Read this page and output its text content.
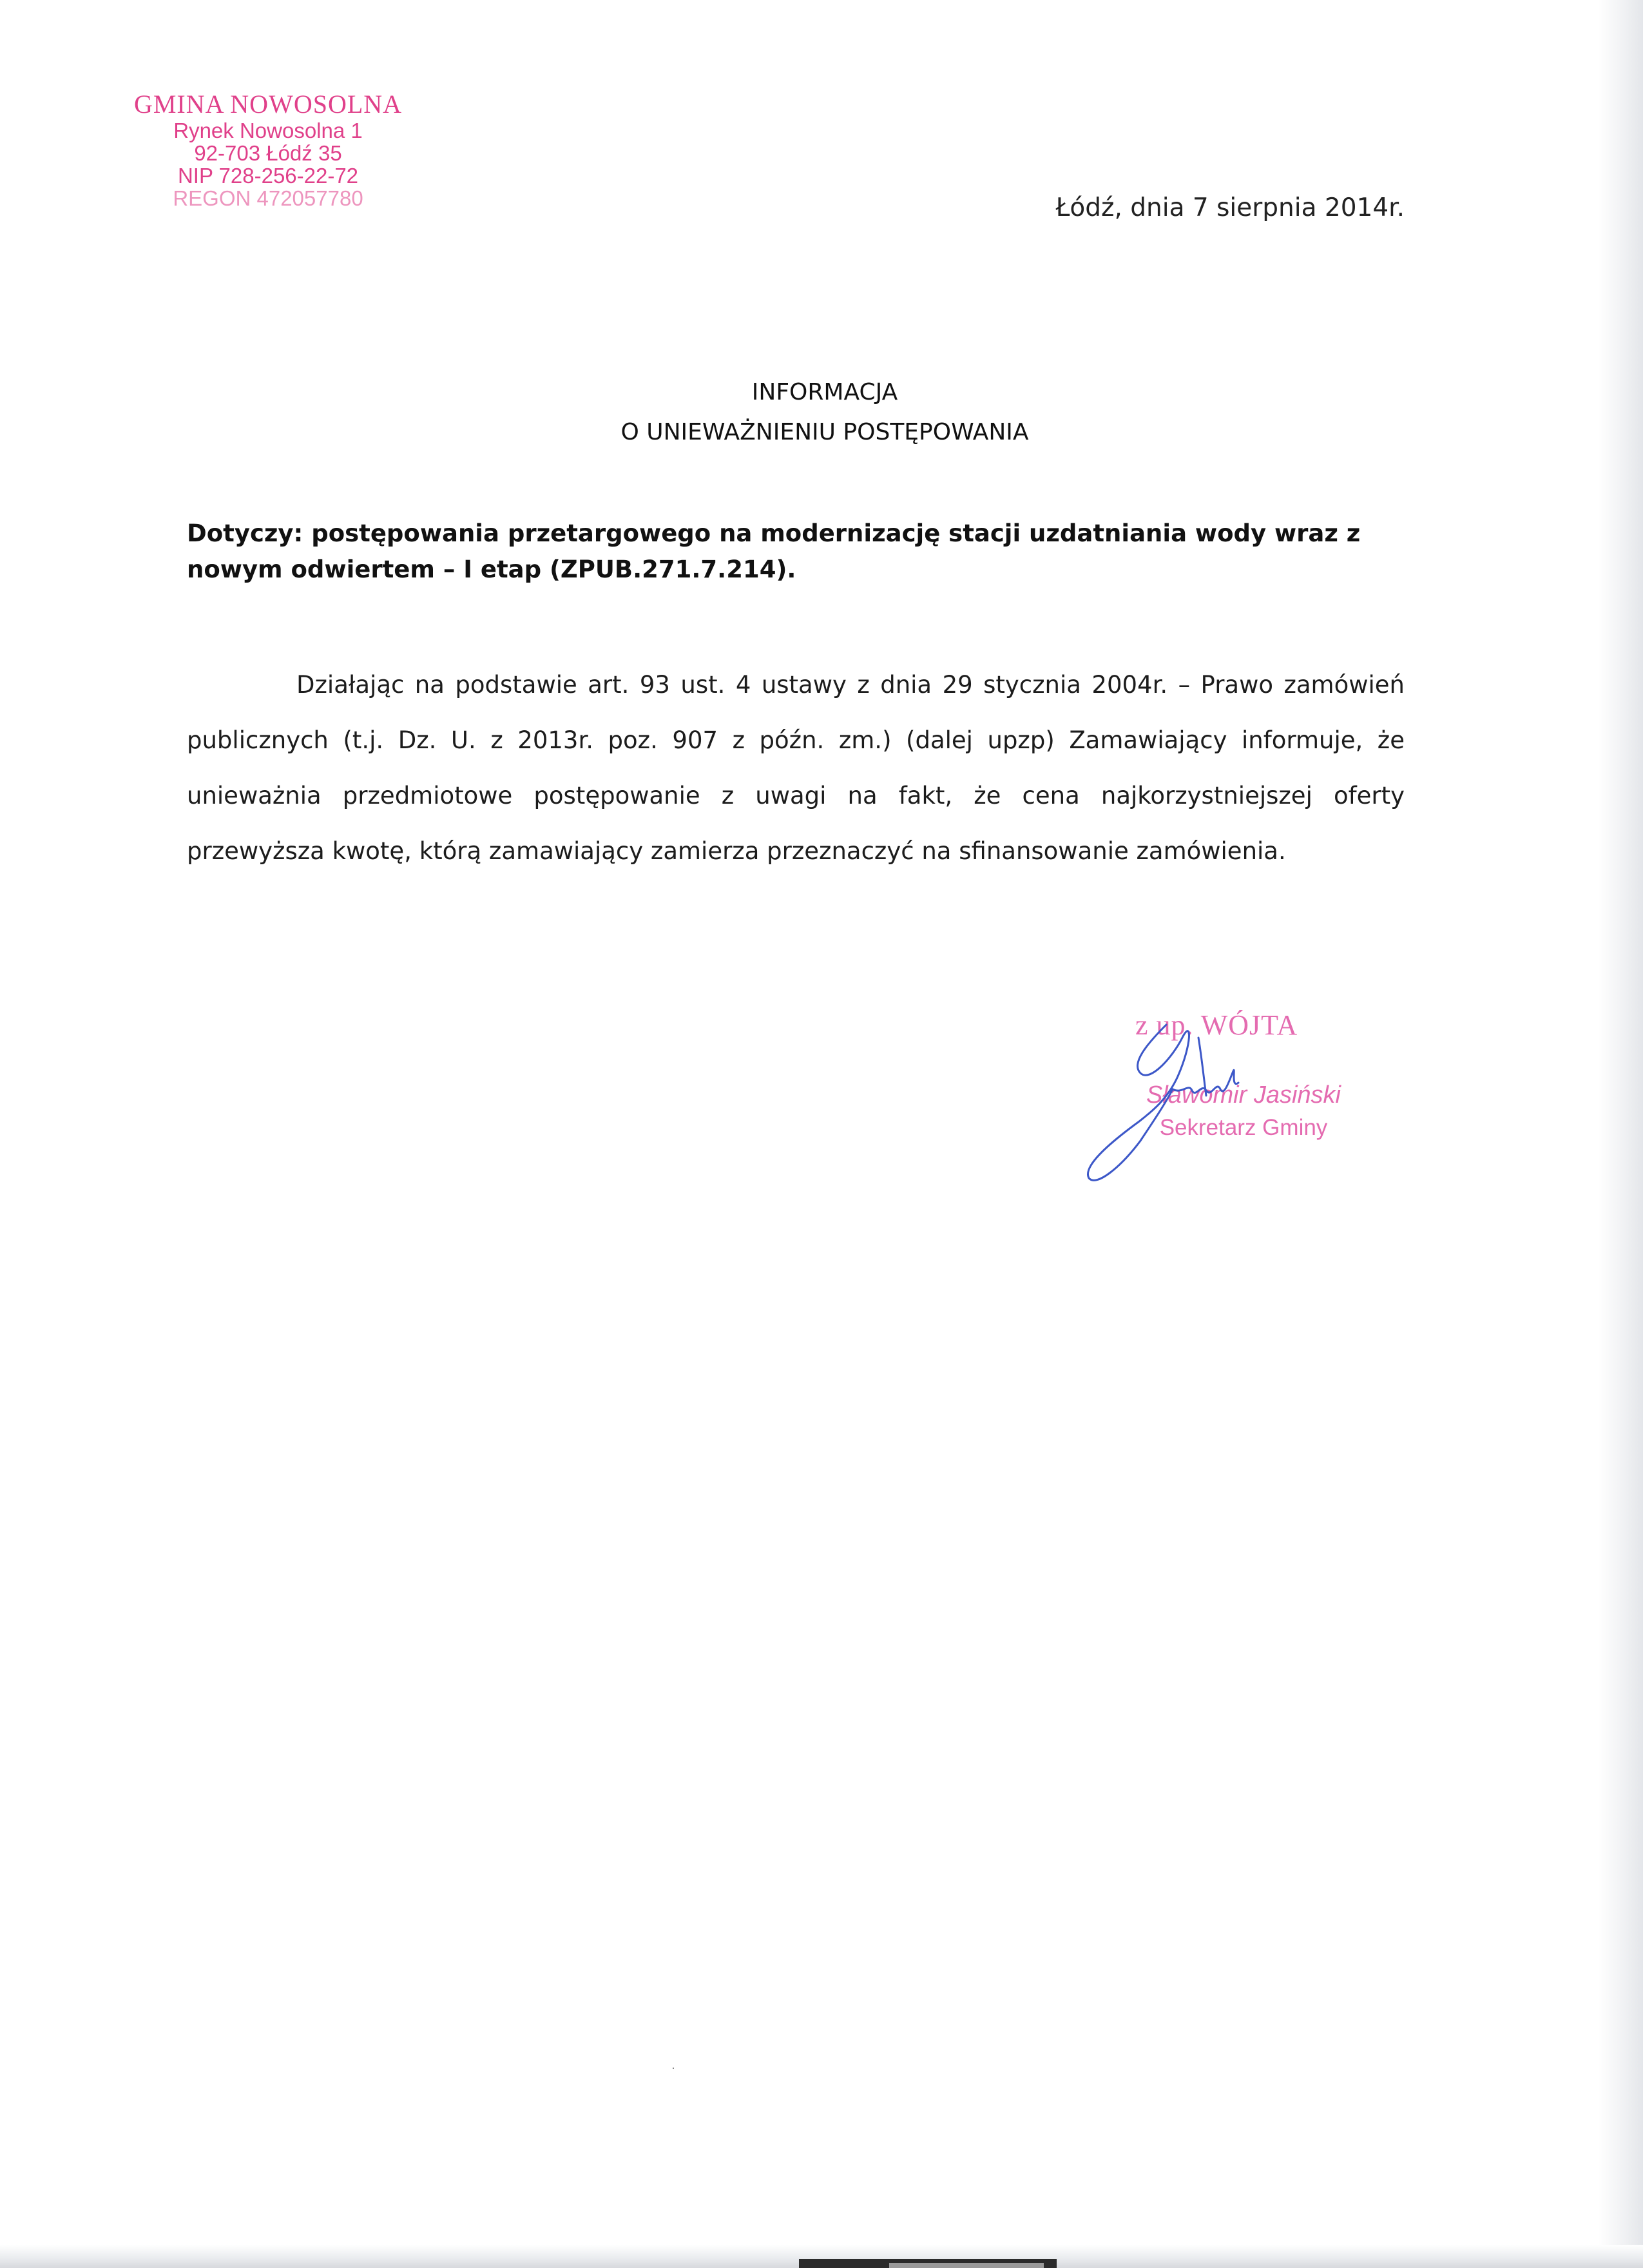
GMINA NOWOSOLNA
Rynek Nowosolna 1
92-703 Łódź 35
NIP 728-256-22-72
REGON 472057780	Łódź, dnia 7 sierpnia 2014r.
INFORMACJA
O UNIEWAŻNIENIU POSTĘPOWANIA
Dotyczy: postępowania przetargowego na modernizację stacji uzdatniania wody wraz z nowym odwiertem – I etap (ZPUB.271.7.214).
Działając na podstawie art. 93 ust. 4 ustawy z dnia 29 stycznia 2004r. – Prawo zamówień publicznych (t.j. Dz. U. z 2013r. poz. 907 z późn. zm.) (dalej upzp) Zamawiający informuje, że unieważnia przedmiotowe postępowanie z uwagi na fakt, że cena najkorzystniejszej oferty przewyższa kwotę, którą zamawiający zamierza przeznaczyć na sfinansowanie zamówienia.
z up. WÓJTA
Sławomir Jasiński
Sekretarz Gminy
·
